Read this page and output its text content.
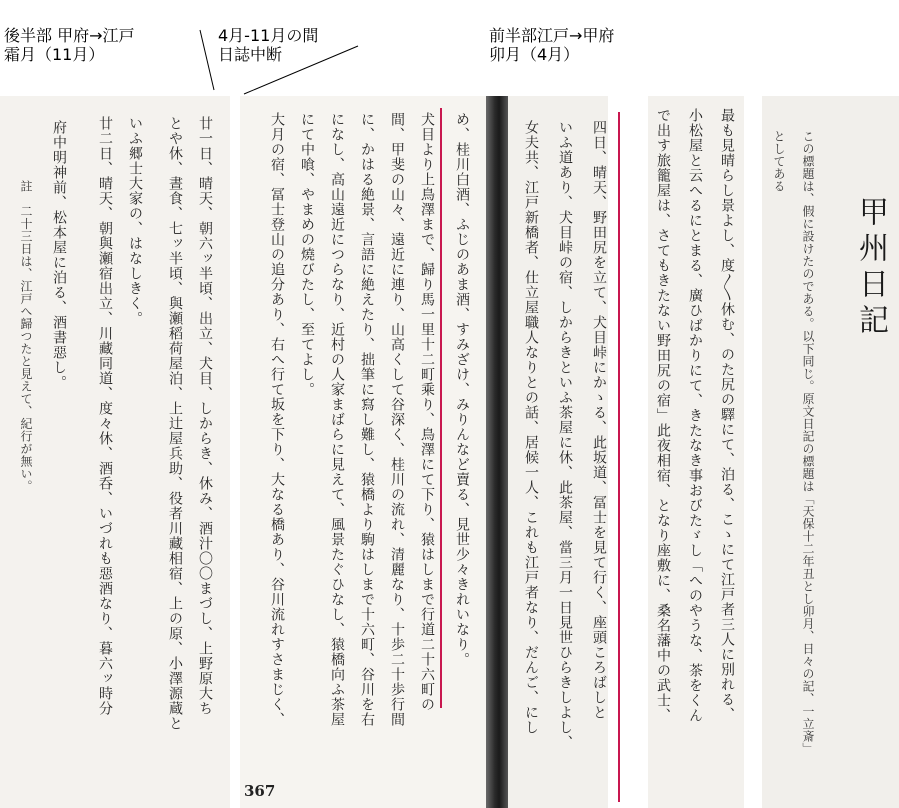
後半部 甲府→江戸
霜月（11月）
4月-11月の間
日誌中断
前半部江戸→甲府
卯月（4月）
甲州日記
この標題は、假に設けたのである。以下同じ。原文日記の標題は「天保十二年丑とし卯月、日々の記、一立斎」
としてある
最も見晴らし景よし、度〳〵休む、のた尻の驛にて、泊る、こゝにて江戸者三人に別れる、
小松屋と云へるにとまる、廣ひばかりにて、きたなき事おびたゞし「へのやうな、茶をくん
で出す旅籠屋は、さてもきたない野田尻の宿」此夜相宿、となり座敷に、桑名藩中の武士、
四日、晴天、野田尻を立て、犬目峠にかゝる、此坂道、冨士を見て行く、座頭ころばしと
いふ道あり、犬目峠の宿、しからきといふ茶屋に休、此茶屋、當三月一日見世ひらきしよし、
女夫共、江戸新橋者、仕立屋職人なりとの話、居候一人、これも江戸者なり、だんご、にし
め、桂川白酒、ふじのあま酒、すみざけ、みりんなど賣る、見世少々きれいなり。
犬目より上鳥澤まで、歸り馬一里十二町乘り、鳥澤にて下り、猿はしまで行道二十六町の
間、甲斐の山々、遠近に連り、山高くして谷深く、桂川の流れ、清麗なり、十歩二十歩行間
に、かはる絶景、言語に絶えたり、拙筆に寫し難し、猿橋より駒はしまで十六町、谷川を右
になし、高山遠近につらなり、近村の人家まばらに見えて、風景たぐひなし、猿橋向ふ茶屋
にて中喰、やまめの燒びたし、至てよし。
大月の宿、冨士登山の追分あり、右へ行て坂を下り、大なる橋あり、谷川流れすさまじく、
367
廿一日、晴天、朝六ッ半頃、出立、犬目、しからき、休み、酒汁〇〇まづし、上野原大ち
とや休、晝食、七ッ半頃、與瀬稻荷屋泊、上辻屋兵助、役者川藏相宿、上の原、小澤源蔵と
いふ郷士大家の、はなしきく。
廿二日、晴天、朝與瀬宿出立、川藏同道、度々休、酒呑、いづれも惡酒なり、暮六ッ時分
府中明神前、松本屋に泊る、酒書惡し。
註　二十三日は、江戸へ歸つたと見えて、紀行が無い。
